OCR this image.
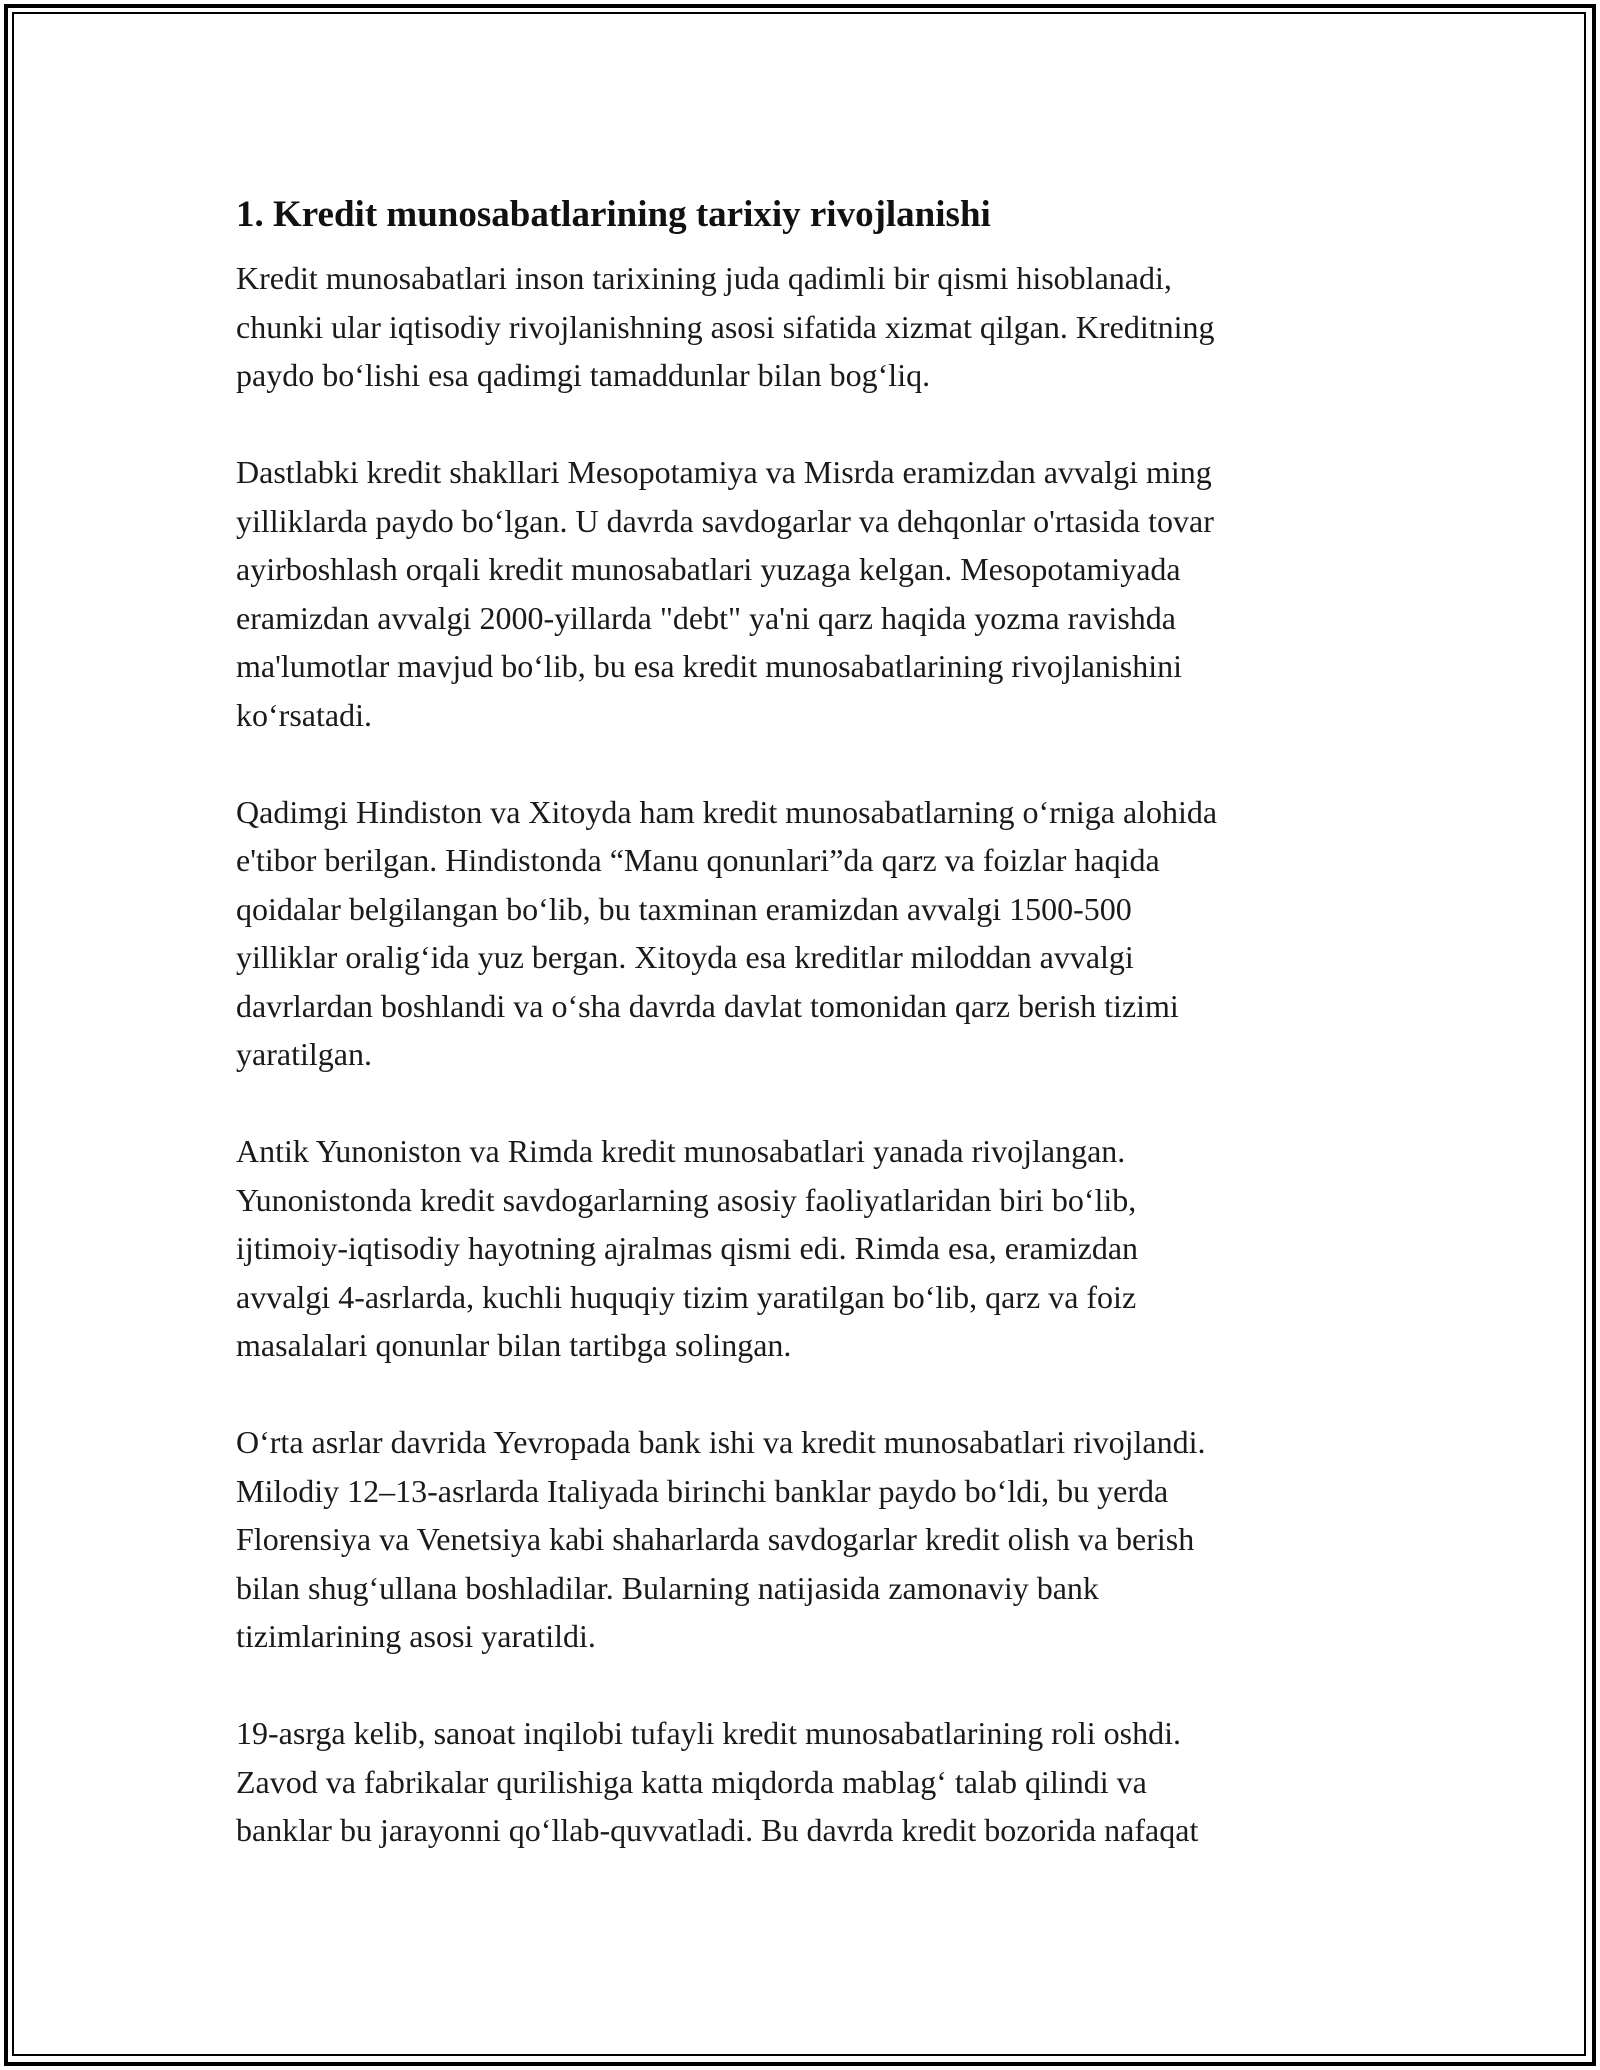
1. Kredit munosabatlarining tarixiy rivojlanishi

Kredit munosabatlari inson tarixining juda qadimli bir qismi hisoblanadi,
chunki ular iqtisodiy rivojlanishning asosi sifatida xizmat qilgan. Kreditning
paydo bo‘lishi esa qadimgi tamaddunlar bilan bog‘liq.

Dastlabki kredit shakllari Mesopotamiya va Misrda eramizdan avvalgi ming
yilliklarda paydo bo‘lgan. U davrda savdogarlar va dehqonlar o'rtasida tovar
ayirboshlash orqali kredit munosabatlari yuzaga kelgan. Mesopotamiyada
eramizdan avvalgi 2000-yillarda "debt" ya'ni qarz haqida yozma ravishda
ma'lumotlar mavjud bo‘lib, bu esa kredit munosabatlarining rivojlanishini
ko‘rsatadi.

Qadimgi Hindiston va Xitoyda ham kredit munosabatlarning o‘rniga alohida
e'tibor berilgan. Hindistonda “Manu qonunlari”da qarz va foizlar haqida
qoidalar belgilangan bo‘lib, bu taxminan eramizdan avvalgi 1500-500
yilliklar oralig‘ida yuz bergan. Xitoyda esa kreditlar miloddan avvalgi
davrlardan boshlandi va o‘sha davrda davlat tomonidan qarz berish tizimi
yaratilgan.

Antik Yunoniston va Rimda kredit munosabatlari yanada rivojlangan.
Yunonistonda kredit savdogarlarning asosiy faoliyatlaridan biri bo‘lib,
ijtimoiy-iqtisodiy hayotning ajralmas qismi edi. Rimda esa, eramizdan
avvalgi 4-asrlarda, kuchli huquqiy tizim yaratilgan bo‘lib, qarz va foiz
masalalari qonunlar bilan tartibga solingan.

O‘rta asrlar davrida Yevropada bank ishi va kredit munosabatlari rivojlandi.
Milodiy 12–13-asrlarda Italiyada birinchi banklar paydo bo‘ldi, bu yerda
Florensiya va Venetsiya kabi shaharlarda savdogarlar kredit olish va berish
bilan shug‘ullana boshladilar. Bularning natijasida zamonaviy bank
tizimlarining asosi yaratildi.

19-asrga kelib, sanoat inqilobi tufayli kredit munosabatlarining roli oshdi.
Zavod va fabrikalar qurilishiga katta miqdorda mablag‘ talab qilindi va
banklar bu jarayonni qo‘llab-quvvatladi. Bu davrda kredit bozorida nafaqat
